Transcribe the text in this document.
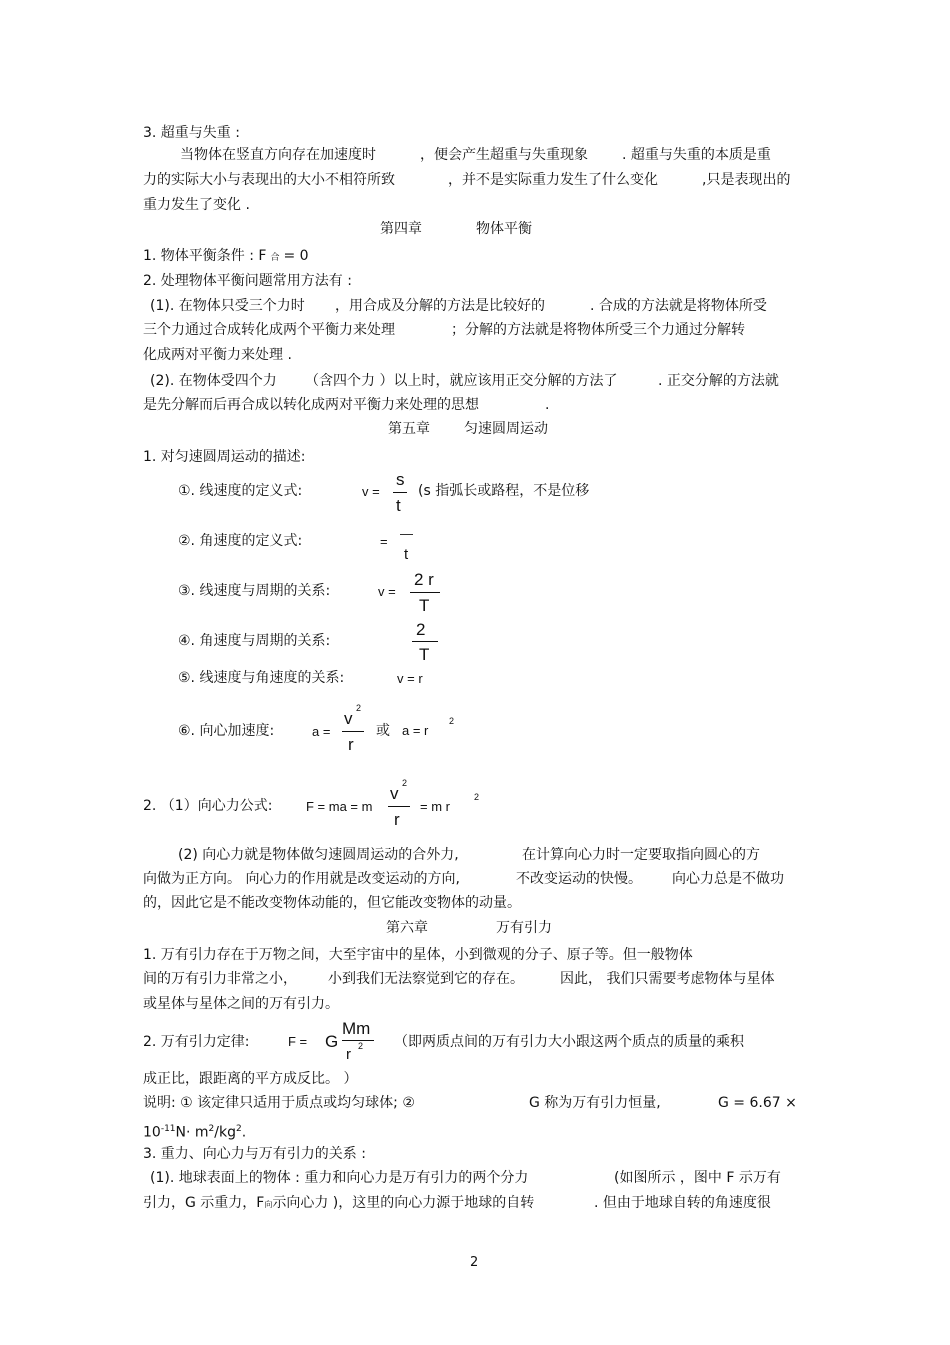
3. 超重与失重 :
当物体在竖直方向存在加速度时	，便会产生超重与失重现象 . 超重与失重的本质是重
力的实际大小与表现出的大小不相符所致	，并不是实际重力发生了什么变化	,只是表现出的
重力发生了变化 .
第四章	物体平衡
1. 物体平衡条件 : F 合 = 0
2. 处理物体平衡问题常用方法有 :
(1). 在物体只受三个力时 ，用合成及分解的方法是比较好的	. 合成的方法就是将物体所受
三个力通过合成转化成两个平衡力来处理	；分解的方法就是将物体所受三个力通过分解转
化成两对平衡力来处理 .
(2). 在物体受四个力 （含四个力 ）以上时，就应该用正交分解的方法了	. 正交分解的方法就
是先分解而后再合成以转化成两对平衡力来处理的思想	.
第五章 匀速圆周运动
1. 对匀速圆周运动的描述:
①. 线速度的定义式:	v =
s
t
(s 指弧长或路程，不是位移
②. 角速度的定义式:	=
—
t
③. 线速度与周期的关系:	v =
2 r
T
④. 角速度与周期的关系:
2
T
⑤. 线速度与角速度的关系:	v = r
⑥. 向心加速度:	a =
v
2
r
或 a = r
2
2. （1）向心力公式:	F = ma = m
v
2
r
= m r
2
(2) 向心力就是物体做匀速圆周运动的合外力,	在计算向心力时一定要取指向圆心的方
向做为正方向。 向心力的作用就是改变运动的方向,	不改变运动的快慢。 向心力总是不做功
的，因此它是不能改变物体动能的，但它能改变物体的动量。
第六章	万有引力
1. 万有引力存在于万物之间，大至宇宙中的星体，小到微观的分子、原子等。但一般物体
间的万有引力非常之小， 小到我们无法察觉到它的存在。	因此， 我们只需要考虑物体与星体
或星体与星体之间的万有引力。
2. 万有引力定律:	F = G
Mm
r 2 （即两质点间的万有引力大小跟这两个质点的质量的乘积
成正比，跟距离的平方成反比。 ）
说明: ① 该定律只适用于质点或均匀球体; ②	G 称为万有引力恒量,	G = 6.67 ×
$10^{-11}N\cdot m^2/kg^2$.
3. 重力、向心力与万有引力的关系 :
(1). 地球表面上的物体 : 重力和向心力是万有引力的两个分力	(如图所示 ，图中 F 示万有
引力，G 示重力，F向示向心力 )，这里的向心力源于地球的自转	. 但由于地球自转的角速度很
2
